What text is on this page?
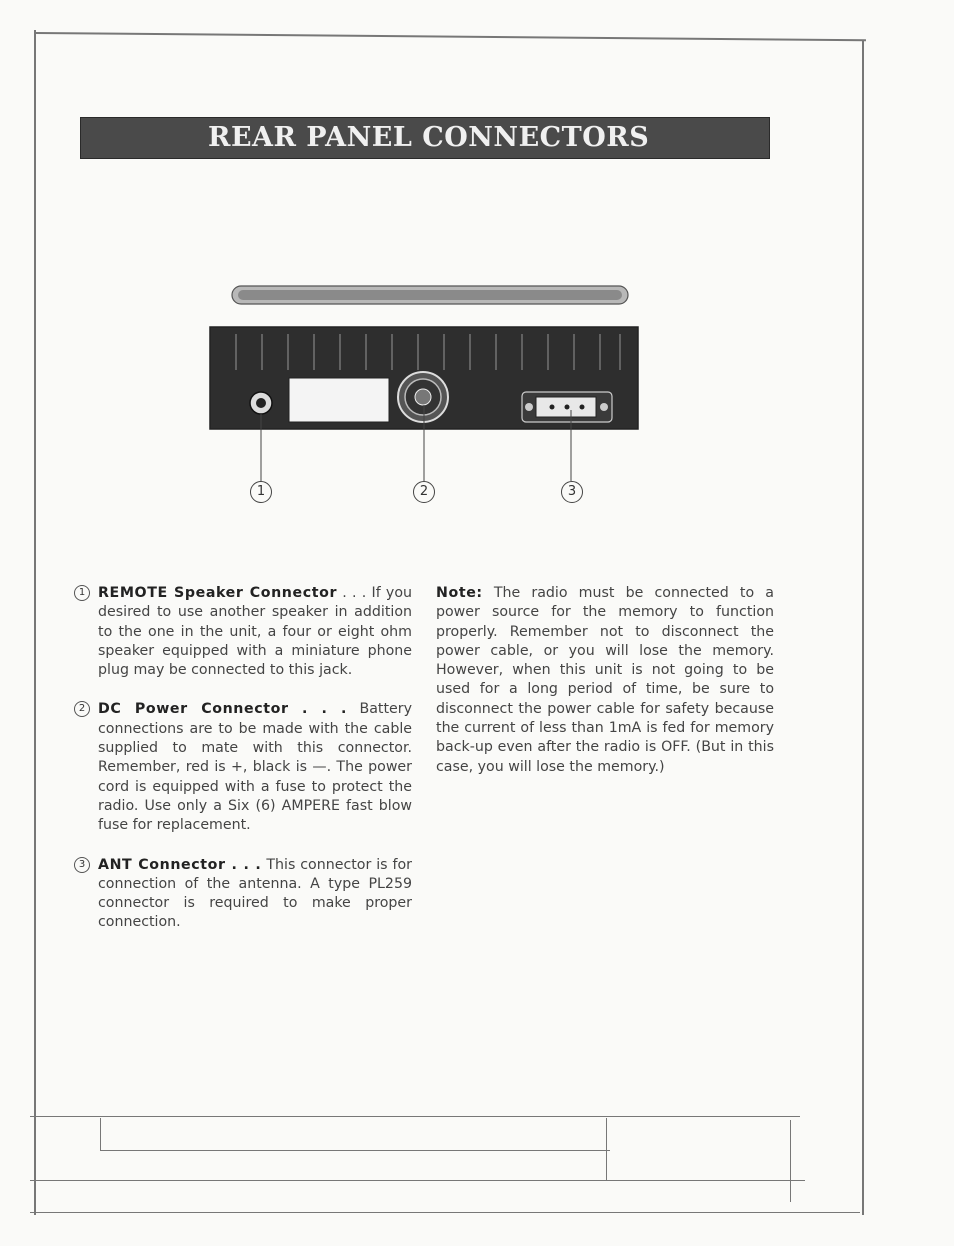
REAR PANEL CONNECTORS
1	2	3
1 REMOTE Speaker Connector . . . If you desired to use another speaker in addition to the one in the unit, a four or eight ohm speaker equipped with a miniature phone plug may be connected to this jack.
2 DC Power Connector . . . Battery connections are to be made with the cable supplied to mate with this connector. Remember, red is +, black is —. The power cord is equipped with a fuse to protect the radio. Use only a Six (6) AMPERE fast blow fuse for replacement.
3 ANT Connector . . . This connector is for connection of the antenna. A type PL259 connector is required to make proper connection.
Note: The radio must be connected to a power source for the memory to function properly. Remember not to disconnect the power cable, or you will lose the memory. However, when this unit is not going to be used for a long period of time, be sure to disconnect the power cable for safety because the current of less than 1mA is fed for memory back-up even after the radio is OFF. (But in this case, you will lose the memory.)
